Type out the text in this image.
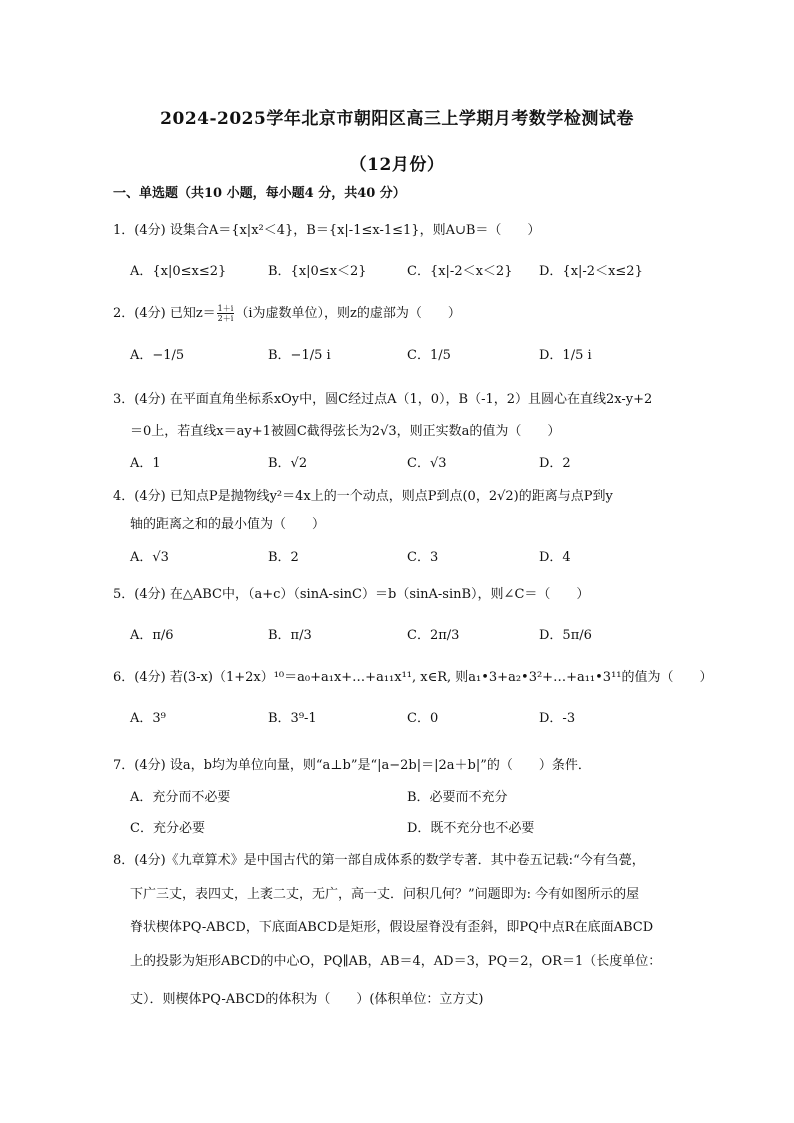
2024-2025学年北京市朝阳区高三上学期月考数学检测试卷
（12月份）
一、单选题（共10 小题，每小题4 分，共40 分）
1．(4分) 设集合A＝{x|x²＜4}，B＝{x|-1≤x-1≤1}，则A∪B＝（　　）
A．{x|0≤x≤2}	B．{x|0≤x＜2}	C．{x|-2＜x＜2} D．{x|-2＜x≤2}
2．(4分) 已知$z= \frac{1+i}{2+i} (i$为虚数单位），则z的虚部为（　　）
A．−1/5	B．−1/5 i	C．1/5	D．1/5 i
3．(4分) 在平面直角坐标系xOy中，圆C经过点A（1，0），B（-1，2）且圆心在直线2x-y+2
＝0上，若直线x＝ay+1被圆C截得弦长为2√3，则正实数a的值为（　　）
A．1	B．√2	C．√3	D．2
4．(4分) 已知点P是抛物线y²＝4x上的一个动点，则点P到点(0，2√2)的距离与点P到y
轴的距离之和的最小值为（　　）
A．√3	B．2	C．3	D．4
5．(4分) 在△ABC中，（a+c）（sinA-sinC）＝b（sinA-sinB），则∠C＝（　　）
A．π/6	B．π/3	C．2π/3	D．5π/6
6．(4分) 若(3-x)（1+2x）¹⁰＝a₀+a₁x+…+a₁₁x¹¹, x∈R, 则a₁•3+a₂•3²+…+a₁₁•3¹¹的值为（　　）
A．3⁹	B．3⁹-1	C．0	D．-3
7．(4分) 设a，b均为单位向量，则“a⊥b”是“|a−2b|＝|2a＋b|”的（　　）条件．
A．充分而不必要	B．必要而不充分
C．充分必要	D．既不充分也不必要
8．(4分)《九章算术》是中国古代的第一部自成体系的数学专著．其中卷五记载:“今有刍甍，
下广三丈，表四丈，上袤二丈，无广，高一丈．问积几何？”问题即为: 今有如图所示的屋
脊状楔体PQ-ABCD，下底面ABCD是矩形，假设屋脊没有歪斜，即PQ中点R在底面ABCD
上的投影为矩形ABCD的中心O，PQ∥AB，AB＝4，AD＝3，PQ＝2，OR＝1（长度单位：
丈）．则楔体PQ-ABCD的体积为（　　）(体积单位：立方丈)
